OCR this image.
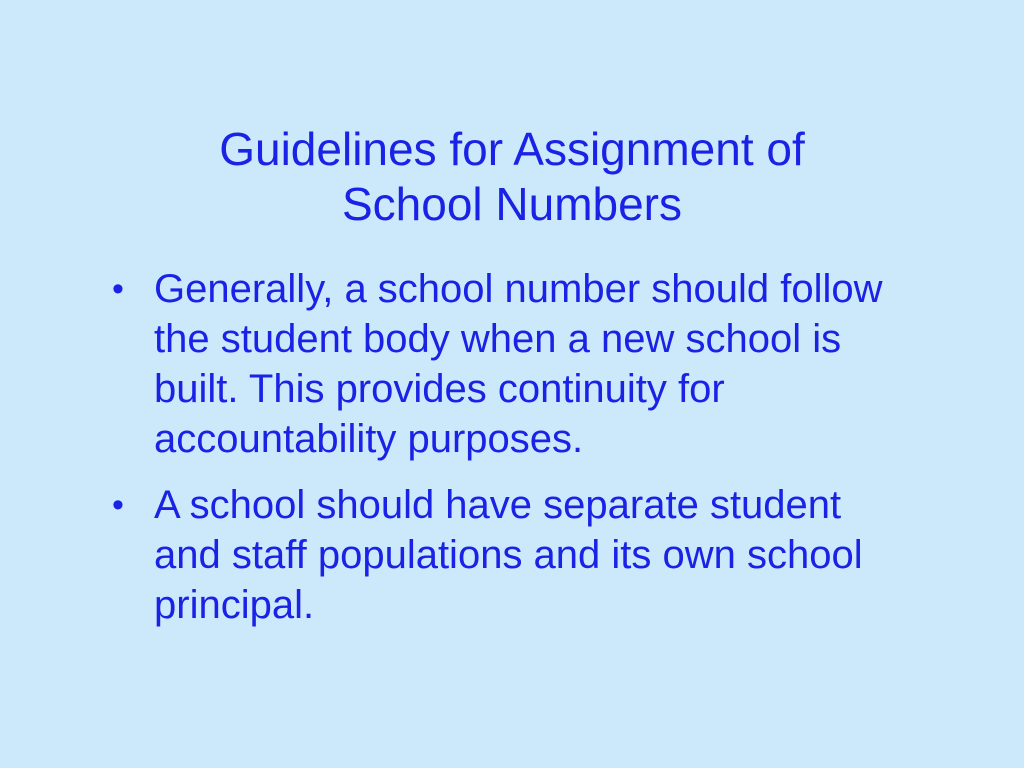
Guidelines for Assignment of
School Numbers
• Generally, a school number should follow the student body when a new school is built. This provides continuity for accountability purposes.
• A school should have separate student and staff populations and its own school principal.
